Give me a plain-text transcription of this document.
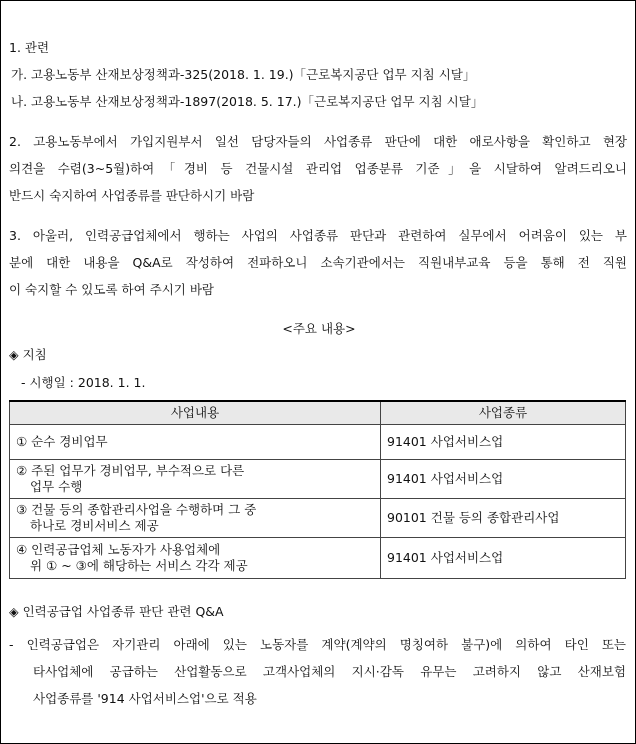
1. 관련
가. 고용노동부 산재보상정책과-325(2018. 1. 19.)「근로복지공단 업무 지침 시달」
나. 고용노동부 산재보상정책과-1897(2018. 5. 17.)「근로복지공단 업무 지침 시달」
2. 고용노동부에서 가입지원부서 일선 담당자들의 사업종류 판단에 대한 애로사항을 확인하고 현장
의견을 수렴(3~5월)하여「경비 등 건물시설 관리업 업종분류 기준」을 시달하여 알려드리오니
반드시 숙지하여 사업종류를 판단하시기 바람
3. 아울러, 인력공급업체에서 행하는 사업의 사업종류 판단과 관련하여 실무에서 어려움이 있는 부
분에 대한 내용을 Q&A로 작성하여 전파하오니 소속기관에서는 직원내부교육 등을 통해 전 직원
이 숙지할 수 있도록 하여 주시기 바람
<주요 내용>
◈ 지침
- 시행일 : 2018. 1. 1.
사업내용	사업종류
① 순수 경비업무	91401 사업서비스업
② 주된 업무가 경비업무, 부수적으로 다른
업무 수행	91401 사업서비스업
③ 건물 등의 종합관리사업을 수행하며 그 중
하나로 경비서비스 제공	90101 건물 등의 종합관리사업
④ 인력공급업체 노동자가 사용업체에
위 ① ~ ③에 해당하는 서비스 각각 제공	91401 사업서비스업
◈ 인력공급업 사업종류 판단 관련 Q&A
- 인력공급업은 자기관리 아래에 있는 노동자를 계약(계약의 명칭여하 불구)에 의하여 타인 또는
타사업체에 공급하는 산업활동으로 고객사업체의 지시·감독 유무는 고려하지 않고 산재보험
사업종류를 '914 사업서비스업'으로 적용
